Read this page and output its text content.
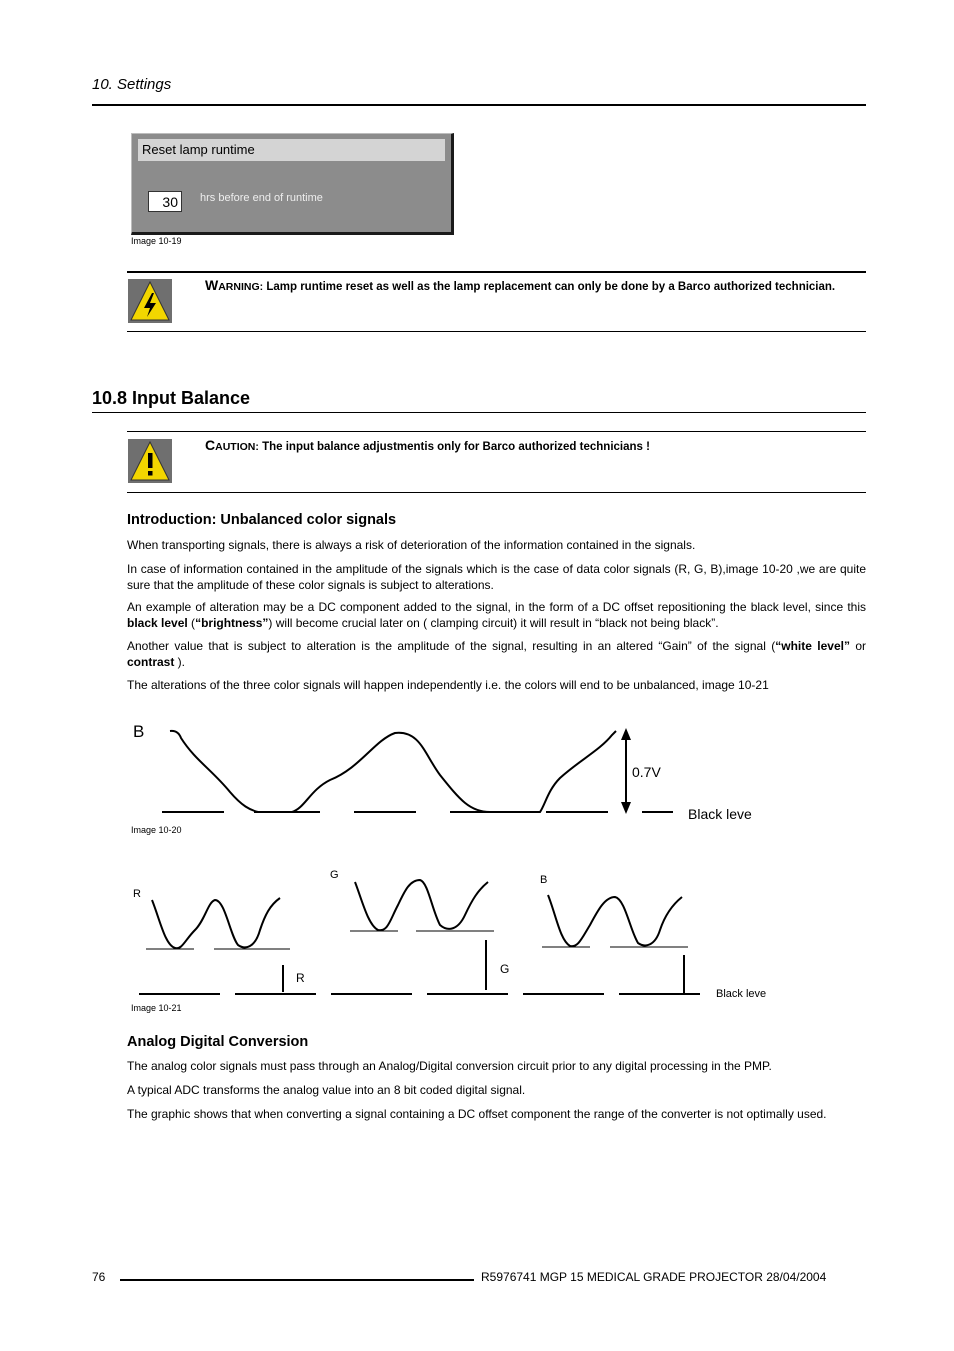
10. Settings
Reset lamp runtime
30	hrs before end of runtime
Image 10-19
WARNING: Lamp runtime reset as well as the lamp replacement can only be done by a Barco authorized technician.
10.8 Input Balance
CAUTION: The input balance adjustmentis only for Barco authorized technicians !
Introduction: Unbalanced color signals
When transporting signals, there is always a risk of deterioration of the information contained in the signals.
In case of information contained in the amplitude of the signals which is the case of data color signals (R, G, B),image 10-20 ,we are quite sure that the amplitude of these color signals is subject to alterations.
An example of alteration may be a DC component added to the signal, in the form of a DC offset repositioning the black level, since this black level (“brightness”) will become crucial later on ( clamping circuit) it will result in “black not being black”.
Another value that is subject to alteration is the amplitude of the signal, resulting in an altered “Gain” of the signal (“white level” or contrast ).
The alterations of the three color signals will happen independently i.e. the colors will end to be unbalanced, image 10-21
B
0.7V
Black leve
Image 10-20
R
R
G
G
B
Black leve
Image 10-21
Analog Digital Conversion
The analog color signals must pass through an Analog/Digital conversion circuit prior to any digital processing in the PMP.
A typical ADC transforms the analog value into an 8 bit coded digital signal.
The graphic shows that when converting a signal containing a DC offset component the range of the converter is not optimally used.
76	R5976741 MGP 15 MEDICAL GRADE PROJECTOR 28/04/2004
